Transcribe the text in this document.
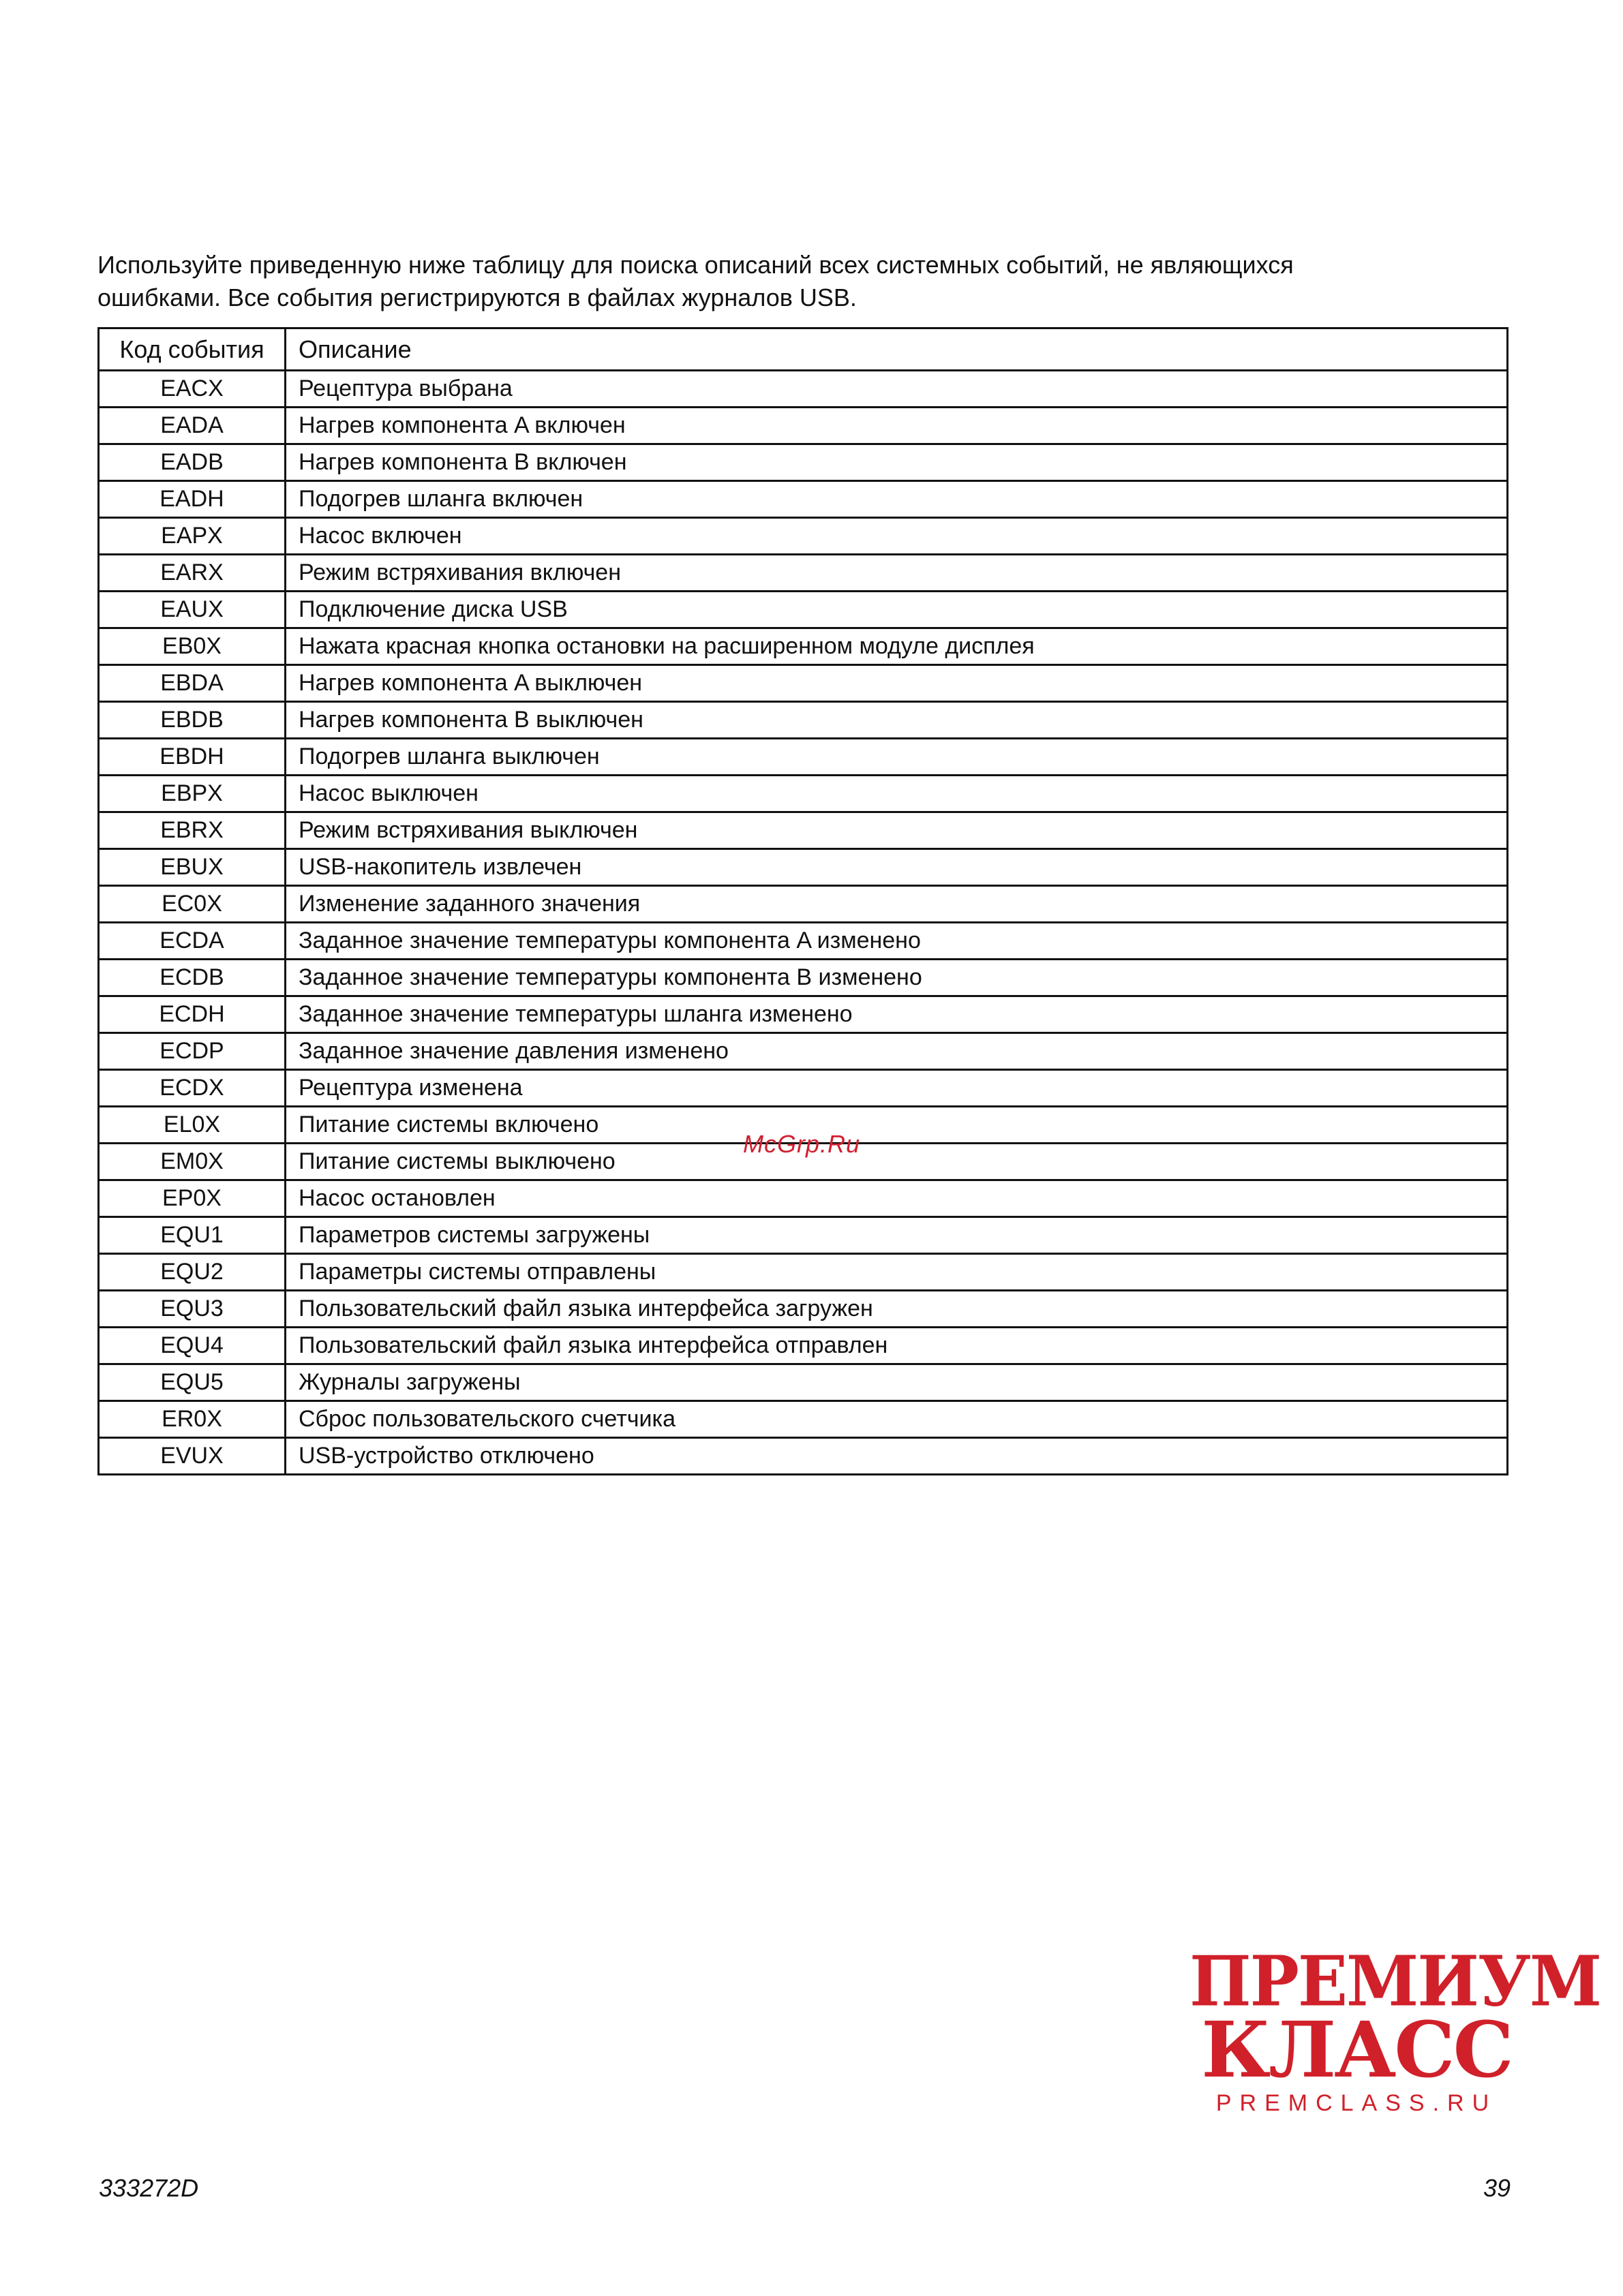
Используйте приведенную ниже таблицу для поиска описаний всех системных событий, не являющихся
ошибками. Все события регистрируются в файлах журналов USB.
Код события	Описание
EACX	Рецептура выбрана
EADA	Нагрев компонента A включен
EADB	Нагрев компонента B включен
EADH	Подогрев шланга включен
EAPX	Насос включен
EARX	Режим встряхивания включен
EAUX	Подключение диска USB
EB0X	Нажата красная кнопка остановки на расширенном модуле дисплея
EBDA	Нагрев компонента A выключен
EBDB	Нагрев компонента B выключен
EBDH	Подогрев шланга выключен
EBPX	Насос выключен
EBRX	Режим встряхивания выключен
EBUX	USB-накопитель извлечен
EC0X	Изменение заданного значения
ECDA	Заданное значение температуры компонента A изменено
ECDB	Заданное значение температуры компонента B изменено
ECDH	Заданное значение температуры шланга изменено
ECDP	Заданное значение давления изменено
ECDX	Рецептура изменена
EL0X	Питание системы включено
EM0X	Питание системы выключено
EP0X	Насос остановлен
EQU1	Параметров системы загружены
EQU2	Параметры системы отправлены
EQU3	Пользовательский файл языка интерфейса загружен
EQU4	Пользовательский файл языка интерфейса отправлен
EQU5	Журналы загружены
ER0X	Сброс пользовательского счетчика
EVUX	USB-устройство отключено
McGrp.Ru
ПРЕМИУМ
КЛАСС
PREMCLASS.RU
333272D	39
